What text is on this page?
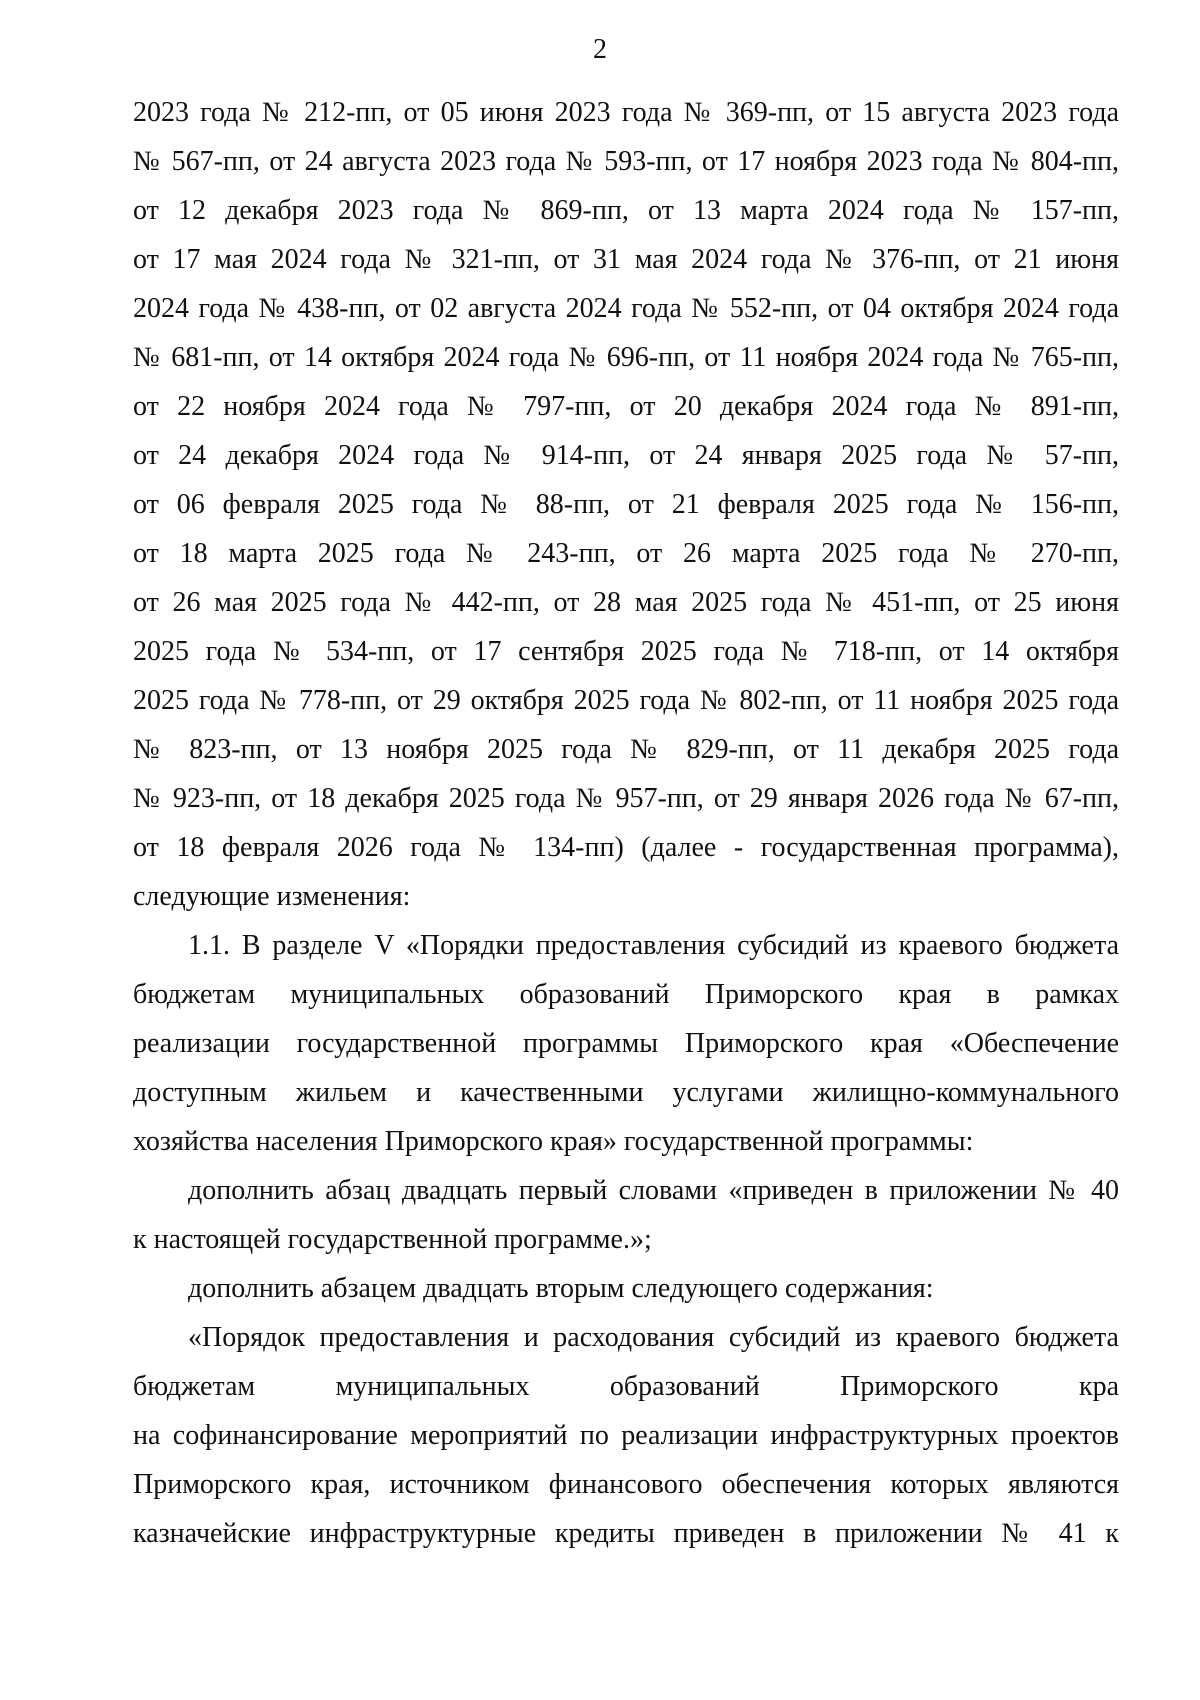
2
2023 года № 212-пп, от 05 июня 2023 года № 369-пп, от 15 августа 2023 года
№ 567-пп, от 24 августа 2023 года № 593-пп, от 17 ноября 2023 года № 804-пп,
от 12 декабря 2023 года № 869-пп, от 13 марта 2024 года № 157-пп,
от 17 мая 2024 года № 321-пп, от 31 мая 2024 года № 376-пп, от 21 июня
2024 года № 438-пп, от 02 августа 2024 года № 552-пп, от 04 октября 2024 года
№ 681-пп, от 14 октября 2024 года № 696-пп, от 11 ноября 2024 года № 765-пп,
от 22 ноября 2024 года № 797-пп, от 20 декабря 2024 года № 891-пп,
от 24 декабря 2024 года № 914-пп, от 24 января 2025 года № 57-пп,
от 06 февраля 2025 года № 88-пп, от 21 февраля 2025 года № 156-пп,
от 18 марта 2025 года № 243-пп, от 26 марта 2025 года № 270-пп,
от 26 мая 2025 года № 442-пп, от 28 мая 2025 года № 451-пп, от 25 июня
2025 года № 534-пп, от 17 сентября 2025 года № 718-пп, от 14 октября
2025 года № 778-пп, от 29 октября 2025 года № 802-пп, от 11 ноября 2025 года
№ 823-пп, от 13 ноября 2025 года № 829-пп, от 11 декабря 2025 года
№ 923-пп, от 18 декабря 2025 года № 957-пп, от 29 января 2026 года № 67-пп,
от 18 февраля 2026 года № 134-пп) (далее - государственная программа),
следующие изменения:
1.1. В разделе V «Порядки предоставления субсидий из краевого бюджета
бюджетам муниципальных образований Приморского края в рамках
реализации государственной программы Приморского края «Обеспечение
доступным жильем и качественными услугами жилищно-коммунального
хозяйства населения Приморского края» государственной программы:
дополнить абзац двадцать первый словами «приведен в приложении № 40
к настоящей государственной программе.»;
дополнить абзацем двадцать вторым следующего содержания:
«Порядок предоставления и расходования субсидий из краевого бюджета
бюджетам муниципальных образований Приморского кра
на софинансирование мероприятий по реализации инфраструктурных проектов
Приморского края, источником финансового обеспечения которых являются
казначейские инфраструктурные кредиты приведен в приложении № 41 к
